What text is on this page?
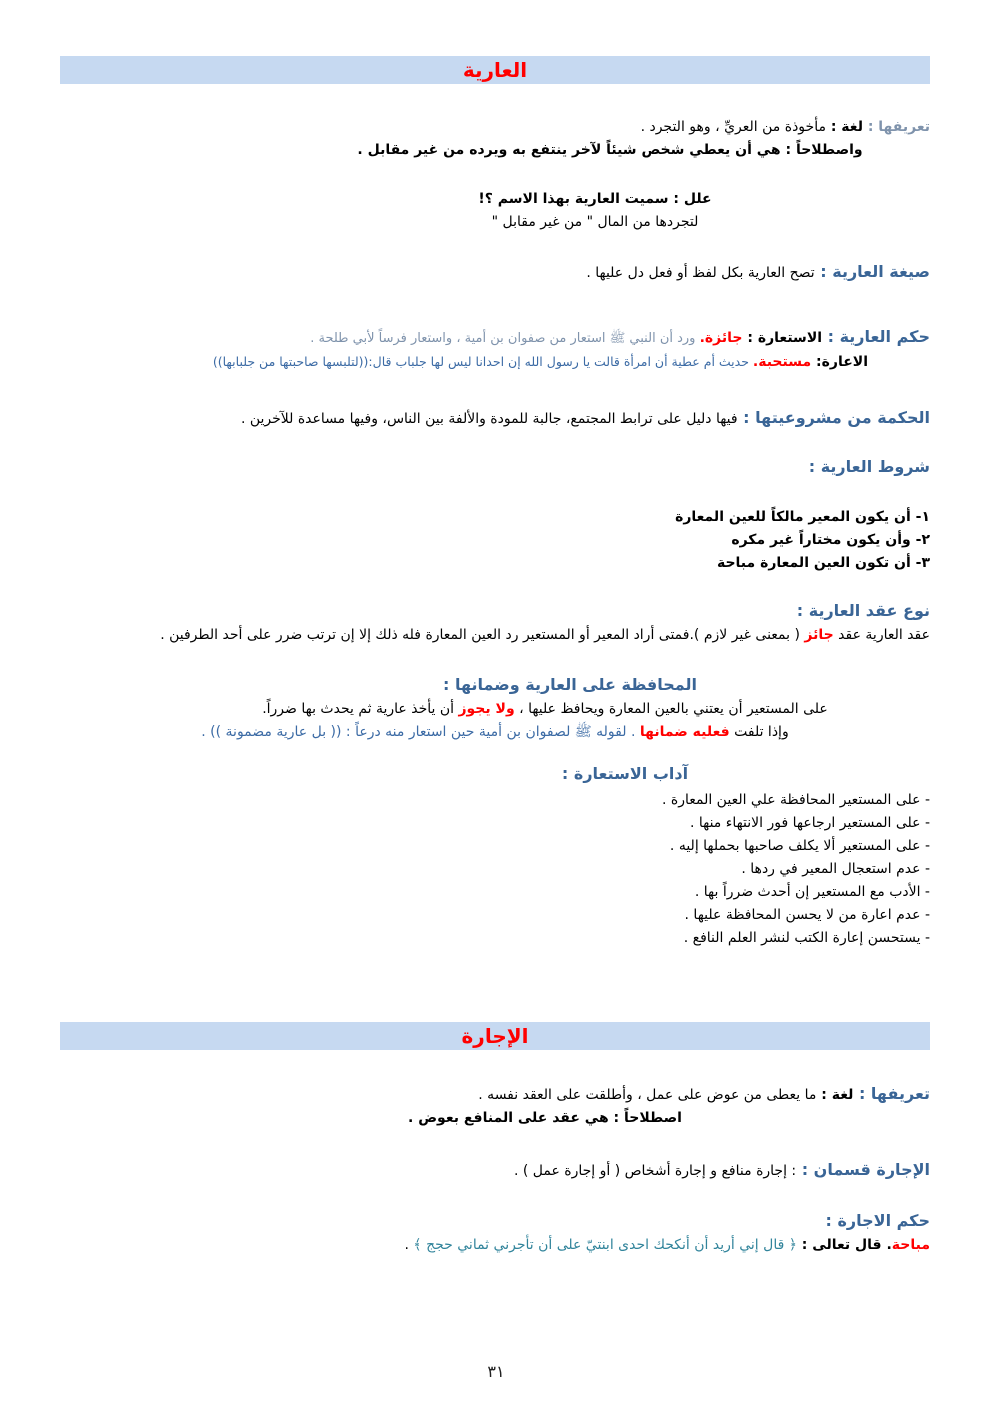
العارية

تعريفها : لغة : مأخوذة من العريِّ ، وهو التجرد .

واصطلاحاً : هي أن يعطي شخص شيئاً لآخر ينتفع به ويرده من غير مقابل .

علل : سميت العارية بهذا الاسم ؟!

لتجردها من المال " من غير مقابل "

صيغة العارية : تصح العارية بكل لفظ أو فعل دل عليها .

حكم العارية : الاستعارة : جائزة. ورد أن النبي ﷺ استعار من صفوان بن أمية ، واستعار فرساً لأبي طلحة .

الاعارة: مستحبة. حديث أم عطية أن امرأة قالت يا رسول الله إن احدانا ليس لها جلباب قال:((لتلبسها صاحبتها من جلبابها))

الحكمة من مشروعيتها : فيها دليل على ترابط المجتمع، جالبة للمودة والألفة بين الناس، وفيها مساعدة للآخرين .

شروط العارية :

١- أن يكون المعير مالكاً للعين المعارة

٢- وأن يكون مختاراً غير مكره

٣- أن تكون العين المعارة مباحة

نوع عقد العارية :

عقد العارية عقد جائز ( بمعنى غير لازم ).فمتى أراد المعير أو المستعير رد العين المعارة فله ذلك إلا إن ترتب ضرر على أحد الطرفين .

المحافظة على العارية وضمانها :

على المستعير أن يعتني بالعين المعارة ويحافظ عليها ، ولا يجوز أن يأخذ عارية ثم يحدث بها ضرراً.

وإذا تلفت فعليه ضمانها . لقوله ﷺ لصفوان بن أمية حين استعار منه درعاً : (( بل عارية مضمونة )) .

آداب الاستعارة :

- على المستعير المحافظة علي العين المعارة .

- على المستعير ارجاعها فور الانتهاء منها .

- على المستعير ألا يكلف صاحبها بحملها إليه .

- عدم استعجال المعير في ردها .

- الأدب مع المستعير إن أحدث ضرراً بها .

- عدم اعارة من لا يحسن المحافظة عليها .

- يستحسن إعارة الكتب لنشر العلم النافع .

الإجارة

تعريفها : لغة : ما يعطى من عوض على عمل ، وأطلقت على العقد نفسه .

اصطلاحاً : هي عقد على المنافع بعوض .

الإجارة قسمان : : إجارة منافع و إجارة أشخاص ( أو إجارة عمل ) .

حكم الاجارة :

مباحة. قال تعالى : ﴿ قال إني أريد أن أنكحك احدى ابنتيّ على أن تأجرني ثماني حجج ﴾ .

٣١
